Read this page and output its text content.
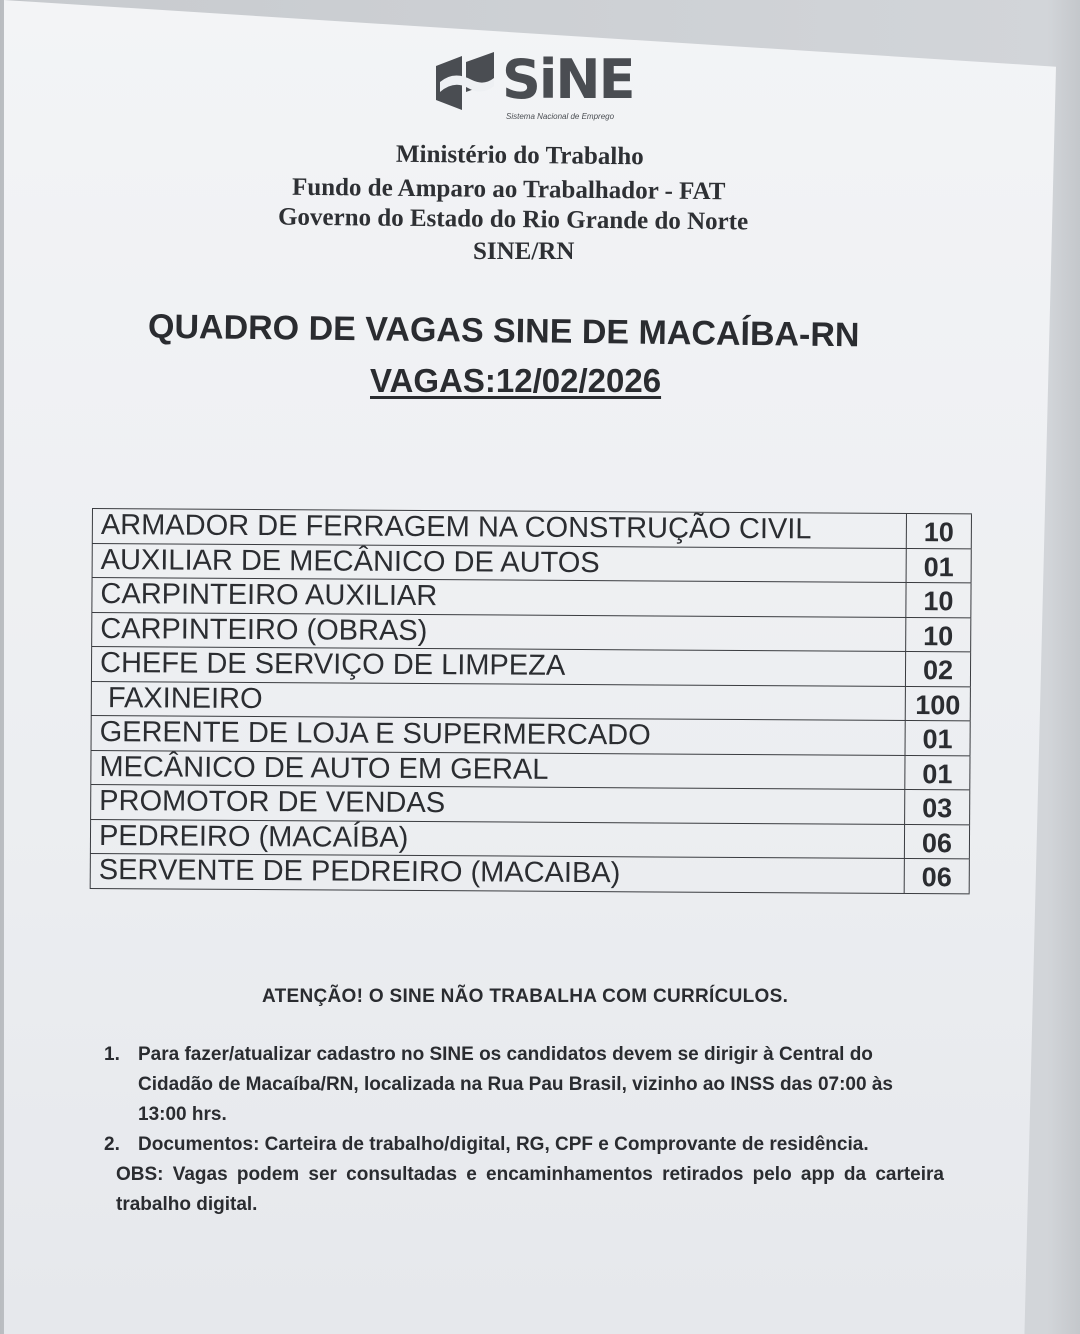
SiNE
Sistema Nacional de Emprego
Ministério do Trabalho
Fundo de Amparo ao Trabalhador - FAT
Governo do Estado do Rio Grande do Norte
SINE/RN
QUADRO DE VAGAS SINE DE MACAÍBA-RN
VAGAS:12/02/2026
ARMADOR DE FERRAGEM NA CONSTRUÇÃO CIVIL	10
AUXILIAR DE MECÂNICO DE AUTOS	01
CARPINTEIRO AUXILIAR	10
CARPINTEIRO (OBRAS)	10
CHEFE DE SERVIÇO DE LIMPEZA	02
FAXINEIRO	100
GERENTE DE LOJA E SUPERMERCADO	01
MECÂNICO DE AUTO EM GERAL	01
PROMOTOR DE VENDAS	03
PEDREIRO (MACAÍBA)	06
SERVENTE DE PEDREIRO (MACAIBA)	06
ATENÇÃO! O SINE NÃO TRABALHA COM CURRÍCULOS.
1. Para fazer/atualizar cadastro no SINE os candidatos devem se dirigir à Central do Cidadão de Macaíba/RN, localizada na Rua Pau Brasil, vizinho ao INSS das 07:00 às 13:00 hrs.
2. Documentos: Carteira de trabalho/digital, RG, CPF e Comprovante de residência.
OBS: Vagas podem ser consultadas e encaminhamentos retirados pelo app da carteira trabalho digital.
